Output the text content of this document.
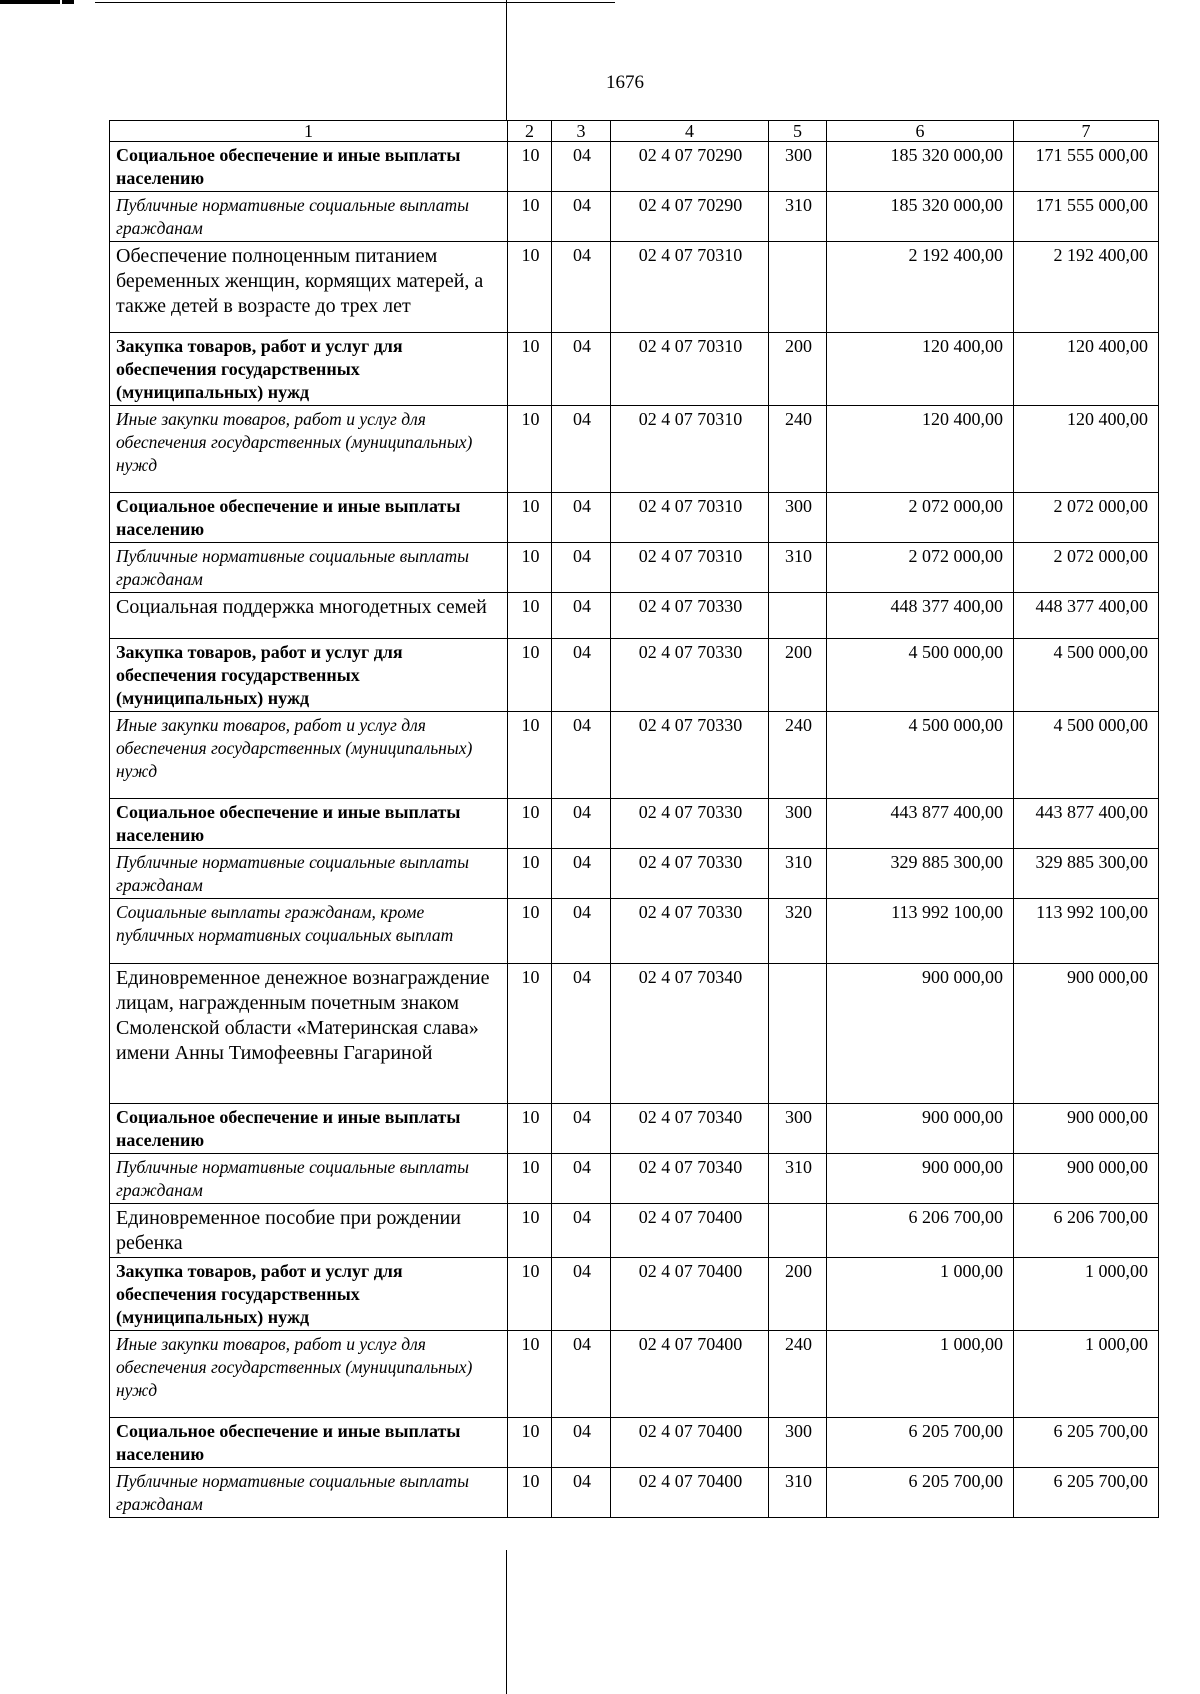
1676
1	2	3	4	5	6	7
Социальное обеспечение и иные выплаты населению	10	04	02 4 07 70290	300	185 320 000,00	171 555 000,00
Публичные нормативные социальные выплаты гражданам	10	04	02 4 07 70290	310	185 320 000,00	171 555 000,00
Обеспечение полноценным питанием беременных женщин, кормящих матерей, а также детей в возрасте до трех лет	10	04	02 4 07 70310		2 192 400,00	2 192 400,00
Закупка товаров, работ и услуг для обеспечения государственных (муниципальных) нужд	10	04	02 4 07 70310	200	120 400,00	120 400,00
Иные закупки товаров, работ и услуг для обеспечения государственных (муниципальных) нужд	10	04	02 4 07 70310	240	120 400,00	120 400,00
Социальное обеспечение и иные выплаты населению	10	04	02 4 07 70310	300	2 072 000,00	2 072 000,00
Публичные нормативные социальные выплаты гражданам	10	04	02 4 07 70310	310	2 072 000,00	2 072 000,00
Социальная поддержка многодетных семей	10	04	02 4 07 70330		448 377 400,00	448 377 400,00
Закупка товаров, работ и услуг для обеспечения государственных (муниципальных) нужд	10	04	02 4 07 70330	200	4 500 000,00	4 500 000,00
Иные закупки товаров, работ и услуг для обеспечения государственных (муниципальных) нужд	10	04	02 4 07 70330	240	4 500 000,00	4 500 000,00
Социальное обеспечение и иные выплаты населению	10	04	02 4 07 70330	300	443 877 400,00	443 877 400,00
Публичные нормативные социальные выплаты гражданам	10	04	02 4 07 70330	310	329 885 300,00	329 885 300,00
Социальные выплаты гражданам, кроме публичных нормативных социальных выплат	10	04	02 4 07 70330	320	113 992 100,00	113 992 100,00
Единовременное денежное вознаграждение лицам, награжденным почетным знаком Смоленской области «Материнская слава» имени Анны Тимофеевны Гагариной	10	04	02 4 07 70340		900 000,00	900 000,00
Социальное обеспечение и иные выплаты населению	10	04	02 4 07 70340	300	900 000,00	900 000,00
Публичные нормативные социальные выплаты гражданам	10	04	02 4 07 70340	310	900 000,00	900 000,00
Единовременное пособие при рождении ребенка	10	04	02 4 07 70400		6 206 700,00	6 206 700,00
Закупка товаров, работ и услуг для обеспечения государственных (муниципальных) нужд	10	04	02 4 07 70400	200	1 000,00	1 000,00
Иные закупки товаров, работ и услуг для обеспечения государственных (муниципальных) нужд	10	04	02 4 07 70400	240	1 000,00	1 000,00
Социальное обеспечение и иные выплаты населению	10	04	02 4 07 70400	300	6 205 700,00	6 205 700,00
Публичные нормативные социальные выплаты гражданам	10	04	02 4 07 70400	310	6 205 700,00	6 205 700,00
